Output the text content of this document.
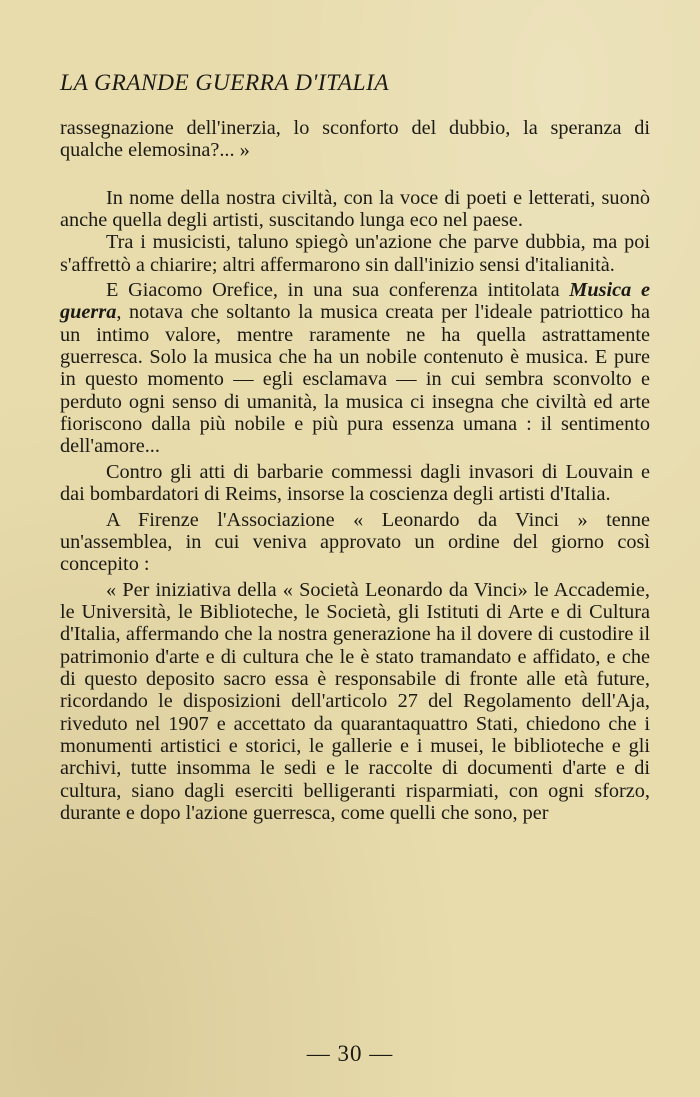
LA GRANDE GUERRA D'ITALIA

rassegnazione dell'inerzia, lo sconforto del dubbio, la speranza di qualche elemosina?... »

In nome della nostra civiltà, con la voce di poeti e letterati, suonò anche quella degli artisti, suscitando lunga eco nel paese.

Tra i musicisti, taluno spiegò un'azione che parve dubbia, ma poi s'affrettò a chiarire; altri affermarono sin dall'inizio sensi d'italianità.

E Giacomo Orefice, in una sua conferenza intitolata Musica e guerra, notava che soltanto la musica creata per l'ideale patriottico ha un intimo valore, mentre raramente ne ha quella astrattamente guerresca. Solo la musica che ha un nobile contenuto è musica. E pure in questo momento — egli esclamava — in cui sembra sconvolto e perduto ogni senso di umanità, la musica ci insegna che civiltà ed arte fioriscono dalla più nobile e più pura essenza umana : il sentimento dell'amore...

Contro gli atti di barbarie commessi dagli invasori di Louvain e dai bombardatori di Reims, insorse la coscienza degli artisti d'Italia.

A Firenze l'Associazione « Leonardo da Vinci » tenne un'assemblea, in cui veniva approvato un ordine del giorno così concepito :

« Per iniziativa della « Società Leonardo da Vinci» le Accademie, le Università, le Biblioteche, le Società, gli Istituti di Arte e di Cultura d'Italia, affermando che la nostra generazione ha il dovere di custodire il patrimonio d'arte e di cultura che le è stato tramandato e affidato, e che di questo deposito sacro essa è responsabile di fronte alle età future, ricordando le disposizioni dell'articolo 27 del Regolamento dell'Aja, riveduto nel 1907 e accettato da quarantaquattro Stati, chiedono che i monumenti artistici e storici, le gallerie e i musei, le biblioteche e gli archivi, tutte insomma le sedi e le raccolte di documenti d'arte e di cultura, siano dagli eserciti belligeranti risparmiati, con ogni sforzo, durante e dopo l'azione guerresca, come quelli che sono, per

— 30 —
